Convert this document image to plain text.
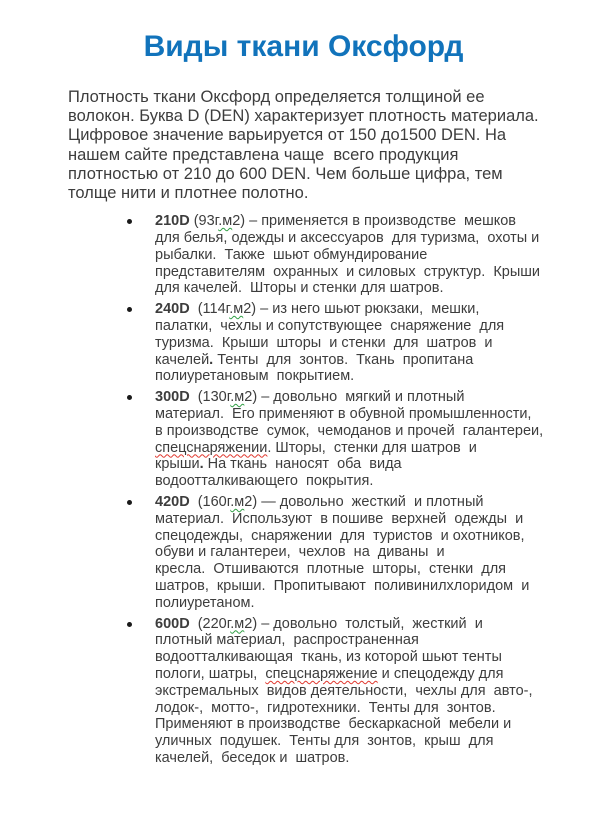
Виды ткани Оксфорд
Плотность ткани Оксфорд определяется толщиной ее
волокон. Буква D (DEN) характеризует плотность материала.
Цифровое значение варьируется от 150 до1500 DEN. На
нашем сайте представлена чаще  всего продукция
плотностью от 210 до 600 DEN. Чем больше цифра, тем
толще нити и плотнее полотно.
210D (93г.м2) – применяется в производстве  мешков
для белья, одежды и аксессуаров  для туризма,  охоты и
рыбалки.  Также  шьют обмундирование
представителям  охранных  и силовых  структур.  Крыши
для качелей.  Шторы и стенки для шатров.
240D  (114г.м2) – из него шьют рюкзаки,  мешки,
палатки,  чехлы и сопутствующее  снаряжение  для
туризма.  Крыши  шторы  и стенки  для  шатров  и
качелей. Тенты  для  зонтов.  Ткань  пропитана
полиуретановым  покрытием.
300D  (130г.м2) – довольно  мягкий и плотный
материал.  Его применяют в обувной промышленности,
в производстве  сумок,  чемоданов и прочей  галантереи,
спецснаряжении. Шторы,  стенки для шатров  и
крыши. На ткань  наносят  оба  вида
водоотталкивающего  покрытия.
420D  (160г.м2) — довольно  жесткий  и плотный
материал.  Используют  в пошиве  верхней  одежды  и
спецодежды,  снаряжении  для  туристов  и охотников,
обуви и галантереи,  чехлов  на  диваны  и
кресла.  Отшиваются  плотные  шторы,  стенки  для
шатров,  крыши.  Пропитывают  поливинилхлоридом  и
полиуретаном.
600D  (220г.м2) – довольно  толстый,  жесткий  и
плотный материал,  распространенная
водоотталкивающая  ткань, из которой шьют тенты
пологи, шатры,  спецснаряжение и спецодежду для
экстремальных  видов деятельности,  чехлы для  авто-,
лодок-,  мотто-,  гидротехники.  Тенты для  зонтов.
Применяют в производстве  бескаркасной  мебели и
уличных  подушек.  Тенты для  зонтов,  крыш  для
качелей,  беседок и  шатров.
